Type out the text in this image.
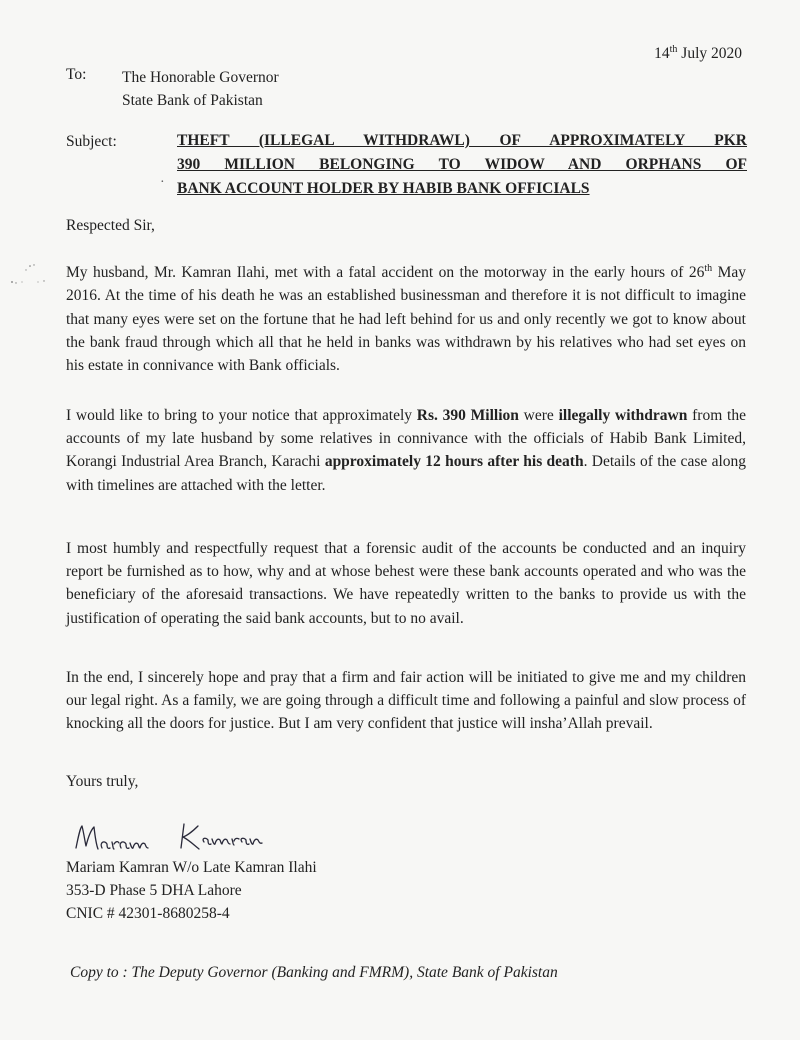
14th July 2020
To: The Honorable Governor
State Bank of Pakistan
Subject:	THEFT (ILLEGAL WITHDRAWL) OF APPROXIMATELY PKR
390 MILLION BELONGING TO WIDOW AND ORPHANS OF
BANK ACCOUNT HOLDER BY HABIB BANK OFFICIALS
·
Respected Sir,
My husband, Mr. Kamran Ilahi, met with a fatal accident on the motorway in the early hours of 26th May 2016. At the time of his death he was an established businessman and therefore it is not difficult to imagine that many eyes were set on the fortune that he had left behind for us and only recently we got to know about the bank fraud through which all that he held in banks was withdrawn by his relatives who had set eyes on his estate in connivance with Bank officials.
I would like to bring to your notice that approximately Rs. 390 Million were illegally withdrawn from the accounts of my late husband by some relatives in connivance with the officials of Habib Bank Limited, Korangi Industrial Area Branch, Karachi approximately 12 hours after his death. Details of the case along with timelines are attached with the letter.
I most humbly and respectfully request that a forensic audit of the accounts be conducted and an inquiry report be furnished as to how, why and at whose behest were these bank accounts operated and who was the beneficiary of the aforesaid transactions. We have repeatedly written to the banks to provide us with the justification of operating the said bank accounts, but to no avail.
In the end, I sincerely hope and pray that a firm and fair action will be initiated to give me and my children our legal right. As a family, we are going through a difficult time and following a painful and slow process of knocking all the doors for justice. But I am very confident that justice will insha’Allah prevail.
Yours truly,
Mariam Kamran W/o Late Kamran Ilahi
353-D Phase 5 DHA Lahore
CNIC # 42301-8680258-4
Copy to : The Deputy Governor (Banking and FMRM), State Bank of Pakistan
